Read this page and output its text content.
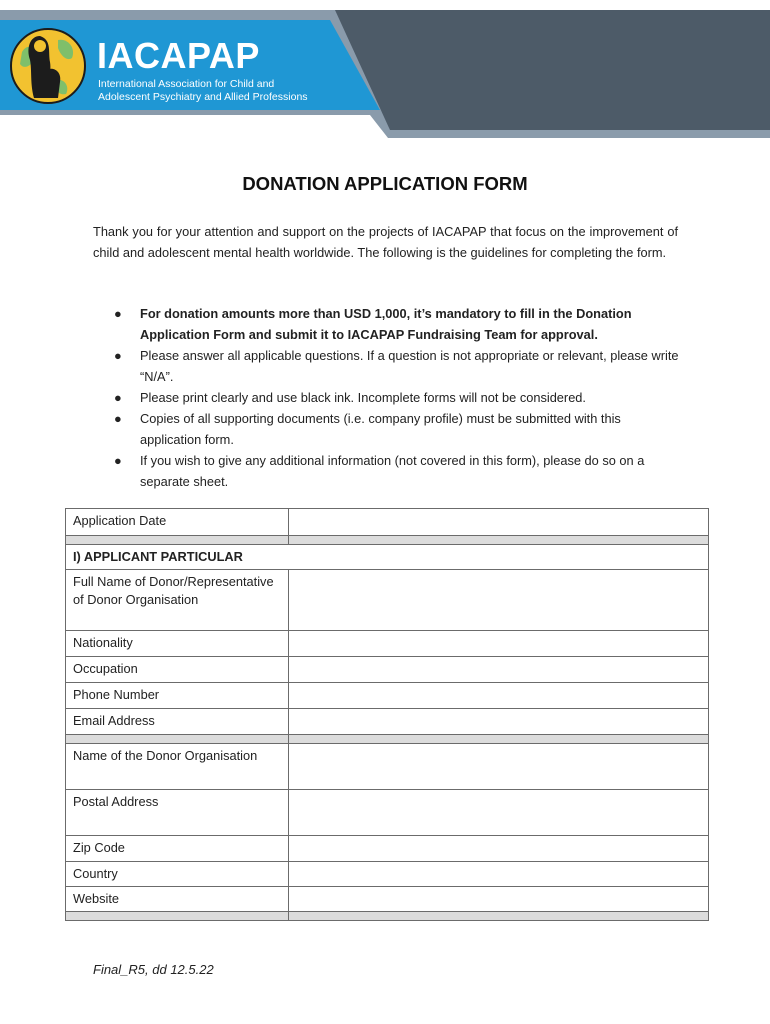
IACAPAP
International Association for Child and
Adolescent Psychiatry and Allied Professions
DONATION APPLICATION FORM
Thank you for your attention and support on the projects of IACAPAP that focus on the improvement of child and adolescent mental health worldwide. The following is the guidelines for completing the form.
● For donation amounts more than USD 1,000, it’s mandatory to fill in the Donation Application Form and submit it to IACAPAP Fundraising Team for approval.
● Please answer all applicable questions. If a question is not appropriate or relevant, please write “N/A”.
● Please print clearly and use black ink. Incomplete forms will not be considered.
● Copies of all supporting documents (i.e. company profile) must be submitted with this application form.
● If you wish to give any additional information (not covered in this form), please do so on a separate sheet.
Application Date	

I) APPLICANT PARTICULAR	
Full Name of Donor/Representative of Donor Organisation	
Nationality	
Occupation	
Phone Number	
Email Address	

Name of the Donor Organisation	
Postal Address	
Zip Code	
Country	
Website	

Final_R5, dd 12.5.22
